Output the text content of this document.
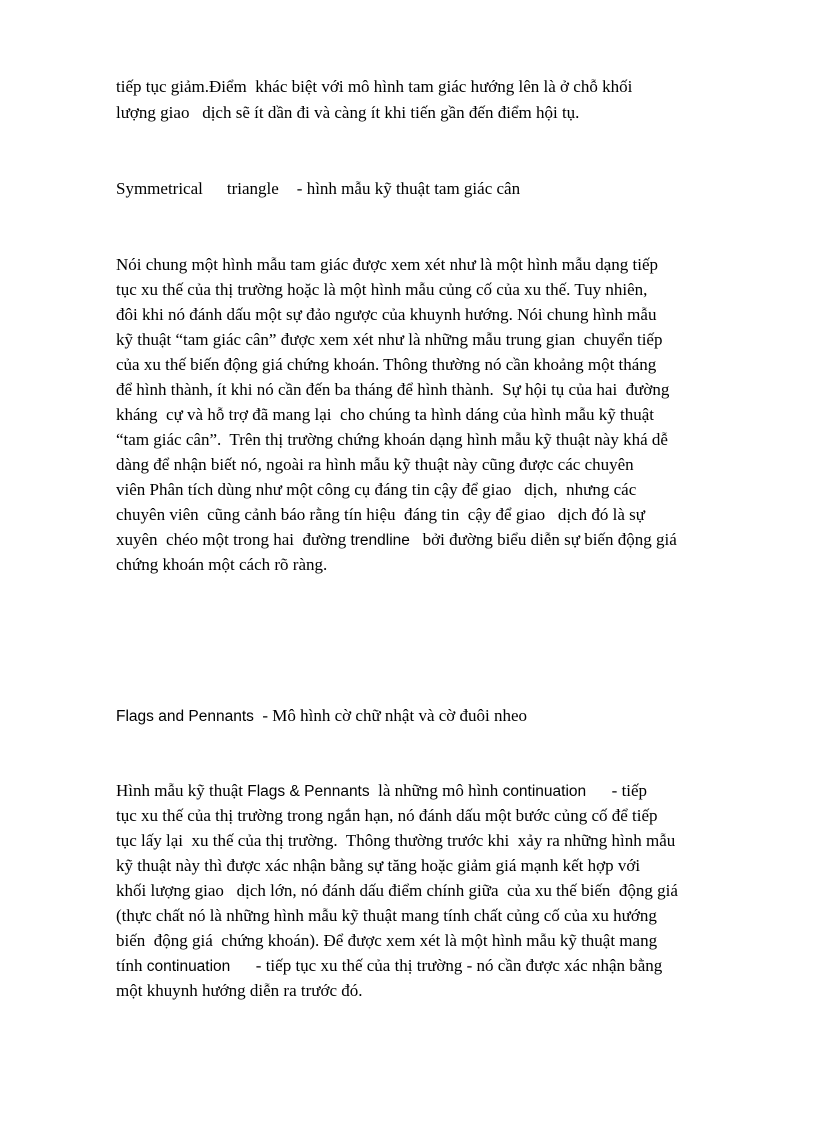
tiếp tục giảm.Điểm  khác biệt với mô hình tam giác hướng lên là ở chỗ khối
lượng giao   dịch sẽ ít dần đi và càng ít khi tiến gần đến điểm hội tụ.
Symmetrical triangle - hình mẫu kỹ thuật tam giác cân
Nói chung một hình mẫu tam giác được xem xét như là một hình mẫu dạng tiếp
tục xu thế của thị trường hoặc là một hình mẫu củng cố của xu thế. Tuy nhiên,
đôi khi nó đánh dấu một sự đảo ngược của khuynh hướng. Nói chung hình mẫu
kỹ thuật “tam giác cân” được xem xét như là những mẫu trung gian  chuyển tiếp
của xu thế biến động giá chứng khoán. Thông thường nó cần khoảng một tháng
để hình thành, ít khi nó cần đến ba tháng để hình thành.  Sự hội tụ của hai  đường
kháng  cự và hỗ trợ đã mang lại  cho chúng ta hình dáng của hình mẫu kỹ thuật
“tam giác cân”.  Trên thị trường chứng khoán dạng hình mẫu kỹ thuật này khá dễ
dàng để nhận biết nó, ngoài ra hình mẫu kỹ thuật này cũng được các chuyên
viên Phân tích dùng như một công cụ đáng tin cậy để giao   dịch,  nhưng các
chuyên viên  cũng cảnh báo rằng tín hiệu  đáng tin  cậy để giao   dịch đó là sự
xuyên  chéo một trong hai  đường trendline   bởi đường biểu diễn sự biến động giá
chứng khoán một cách rõ ràng.
Flags and Pennants  - Mô hình cờ chữ nhật và cờ đuôi nheo
Hình mẫu kỹ thuật Flags & Pennants  là những mô hình continuation      - tiếp
tục xu thế của thị trường trong ngắn hạn, nó đánh dấu một bước củng cố để tiếp
tục lấy lại  xu thế của thị trường.  Thông thường trước khi  xảy ra những hình mẫu
kỹ thuật này thì được xác nhận bằng sự tăng hoặc giảm giá mạnh kết hợp với
khối lượng giao   dịch lớn, nó đánh dấu điểm chính giữa  của xu thế biến  động giá
(thực chất nó là những hình mẫu kỹ thuật mang tính chất củng cố của xu hướng
biến  động giá  chứng khoán). Để được xem xét là một hình mẫu kỹ thuật mang
tính continuation      - tiếp tục xu thế của thị trường - nó cần được xác nhận bằng
một khuynh hướng diễn ra trước đó.
